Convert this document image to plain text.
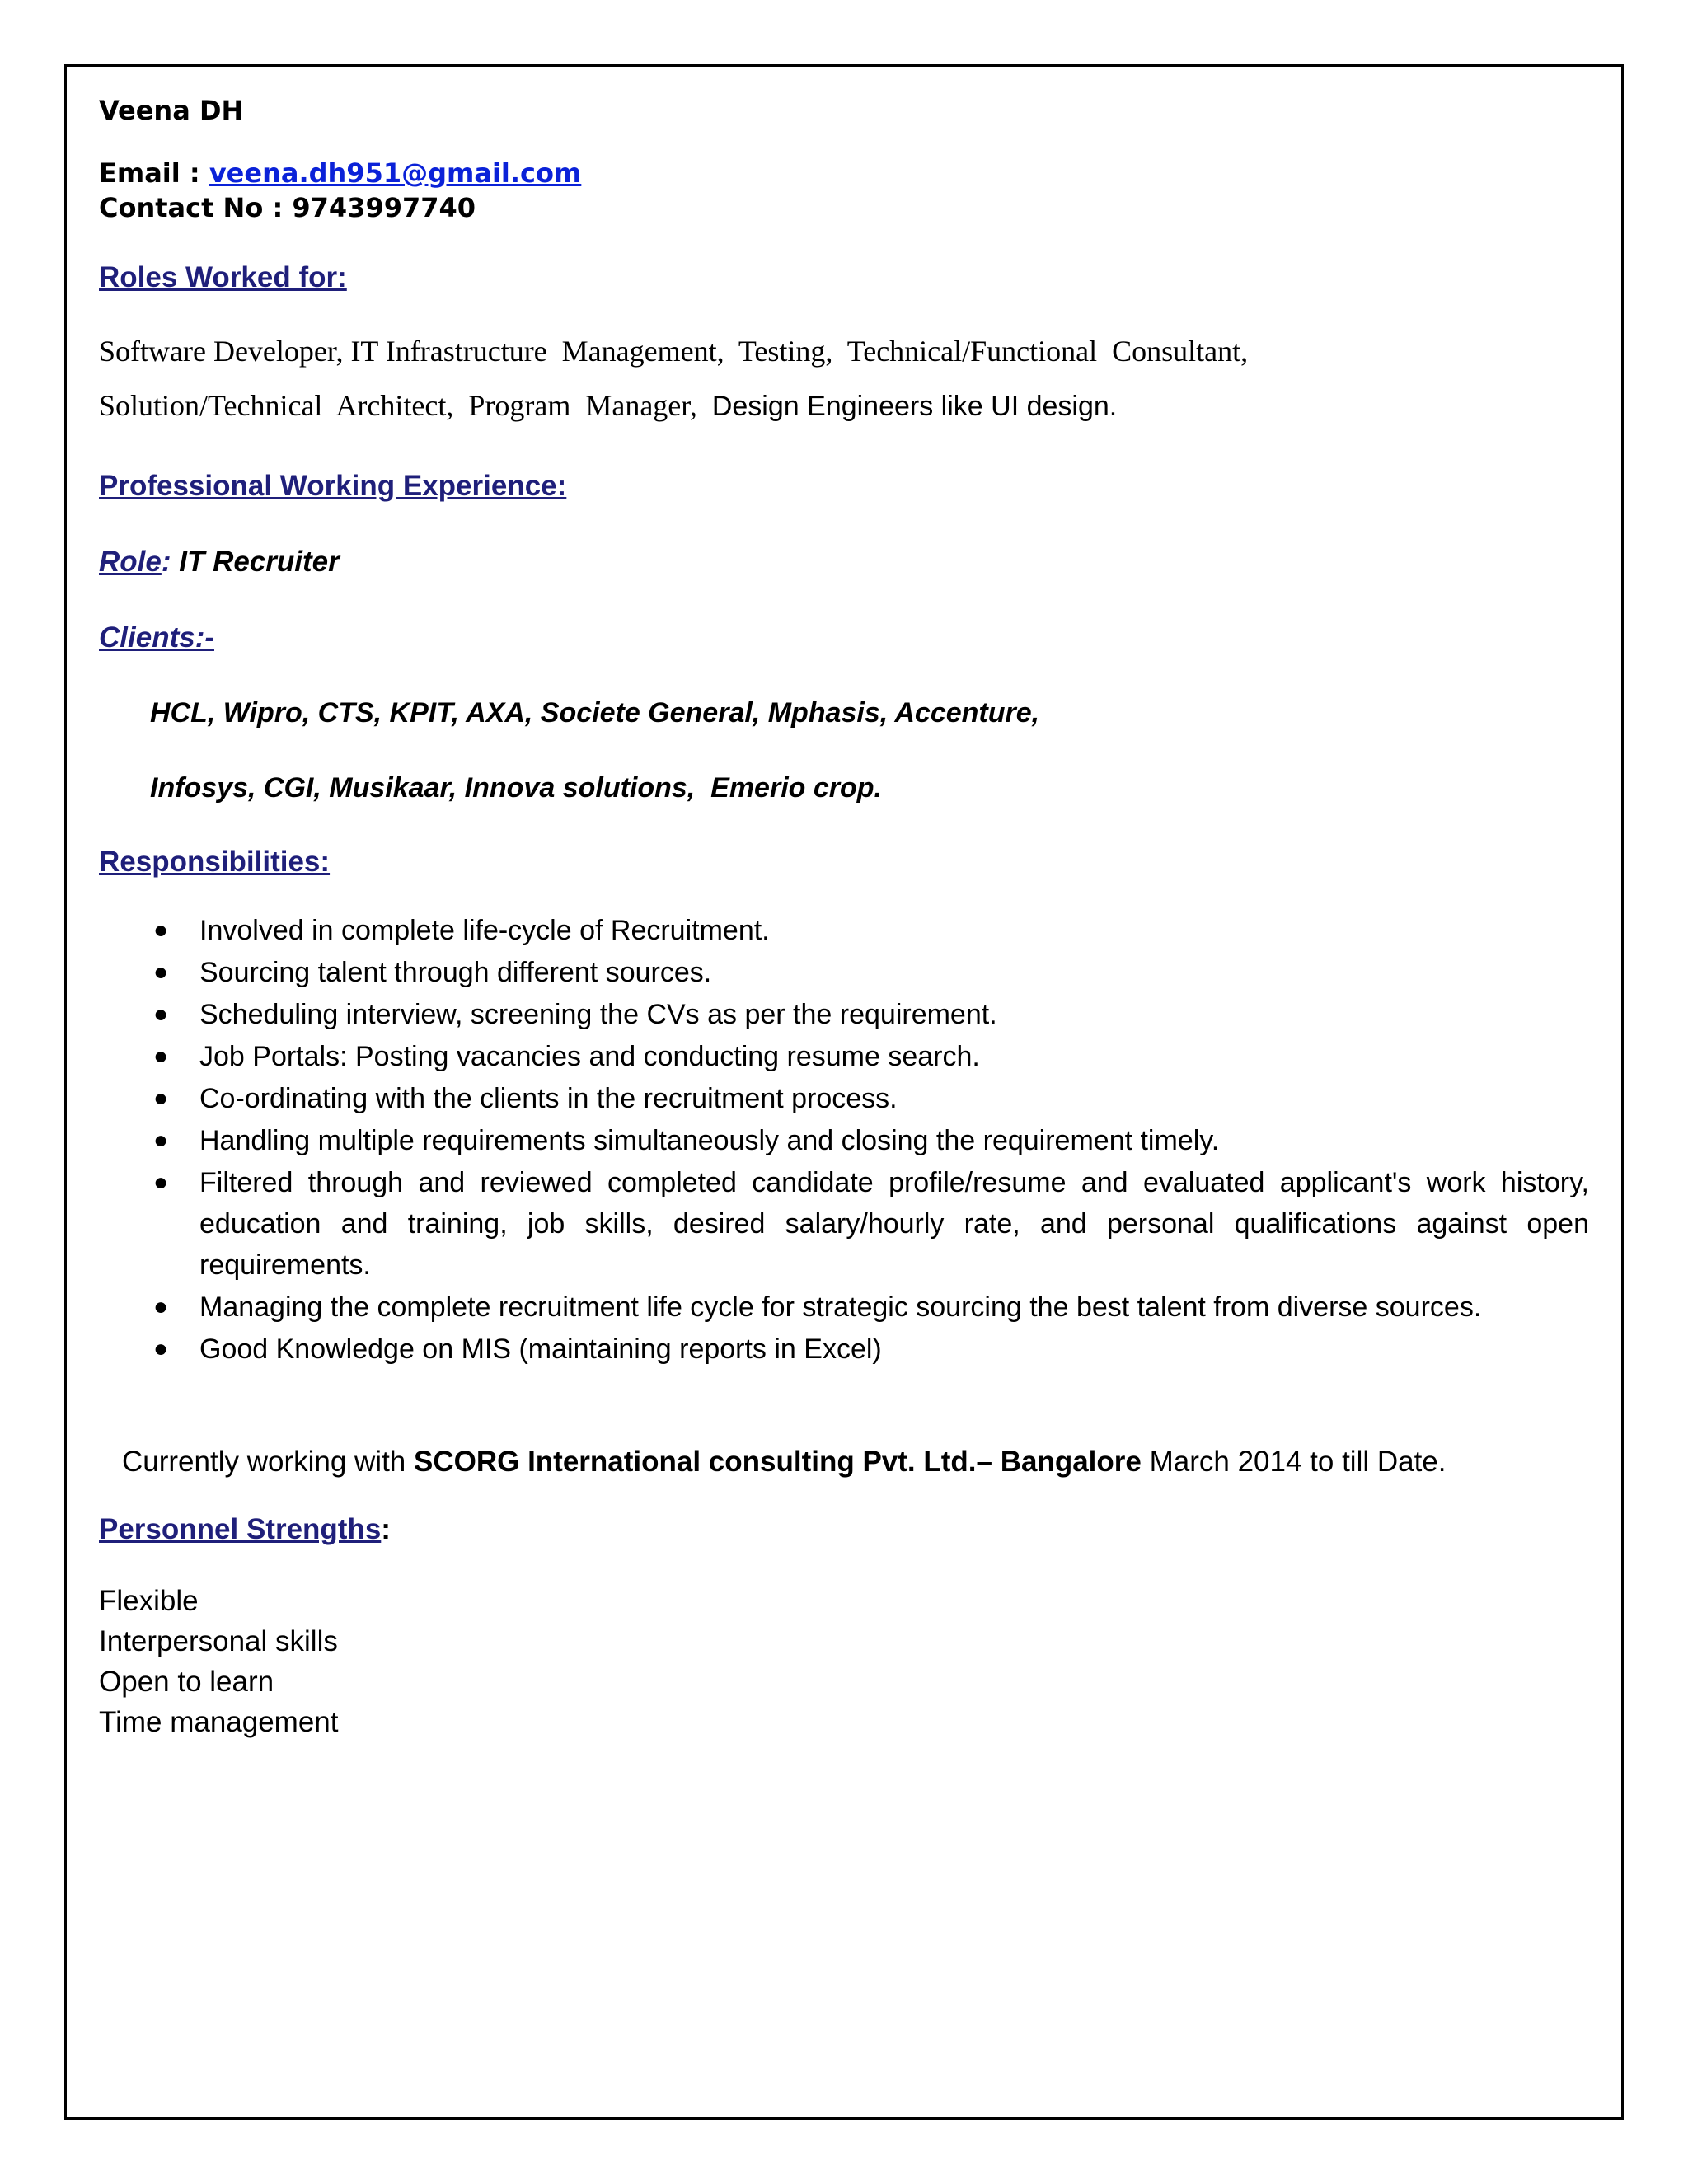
Veena DH
Email : veena.dh951@gmail.com
Contact No : 9743997740
Roles Worked for:
Software Developer, IT Infrastructure  Management,  Testing,  Technical/Functional  Consultant,
Solution/Technical  Architect,  Program  Manager,  Design Engineers like UI design.
Professional Working Experience:
Role: IT Recruiter
Clients:-
HCL, Wipro, CTS, KPIT, AXA, Societe General, Mphasis, Accenture,
Infosys, CGI, Musikaar, Innova solutions,  Emerio crop.
Responsibilities:
● Involved in complete life-cycle of Recruitment.
● Sourcing talent through different sources.
● Scheduling interview, screening the CVs as per the requirement.
● Job Portals: Posting vacancies and conducting resume search.
● Co-ordinating with the clients in the recruitment process.
● Handling multiple requirements simultaneously and closing the requirement timely.
● Filtered through and reviewed completed candidate profile/resume and evaluated applicant's work history, education and training, job skills, desired salary/hourly rate, and personal qualifications against open requirements.
● Managing the complete recruitment life cycle for strategic sourcing the best talent from diverse sources.
● Good Knowledge on MIS (maintaining reports in Excel)
Currently working with SCORG International consulting Pvt. Ltd.– Bangalore March 2014 to till Date.
Personnel Strengths:
Flexible
Interpersonal skills
Open to learn
Time management
